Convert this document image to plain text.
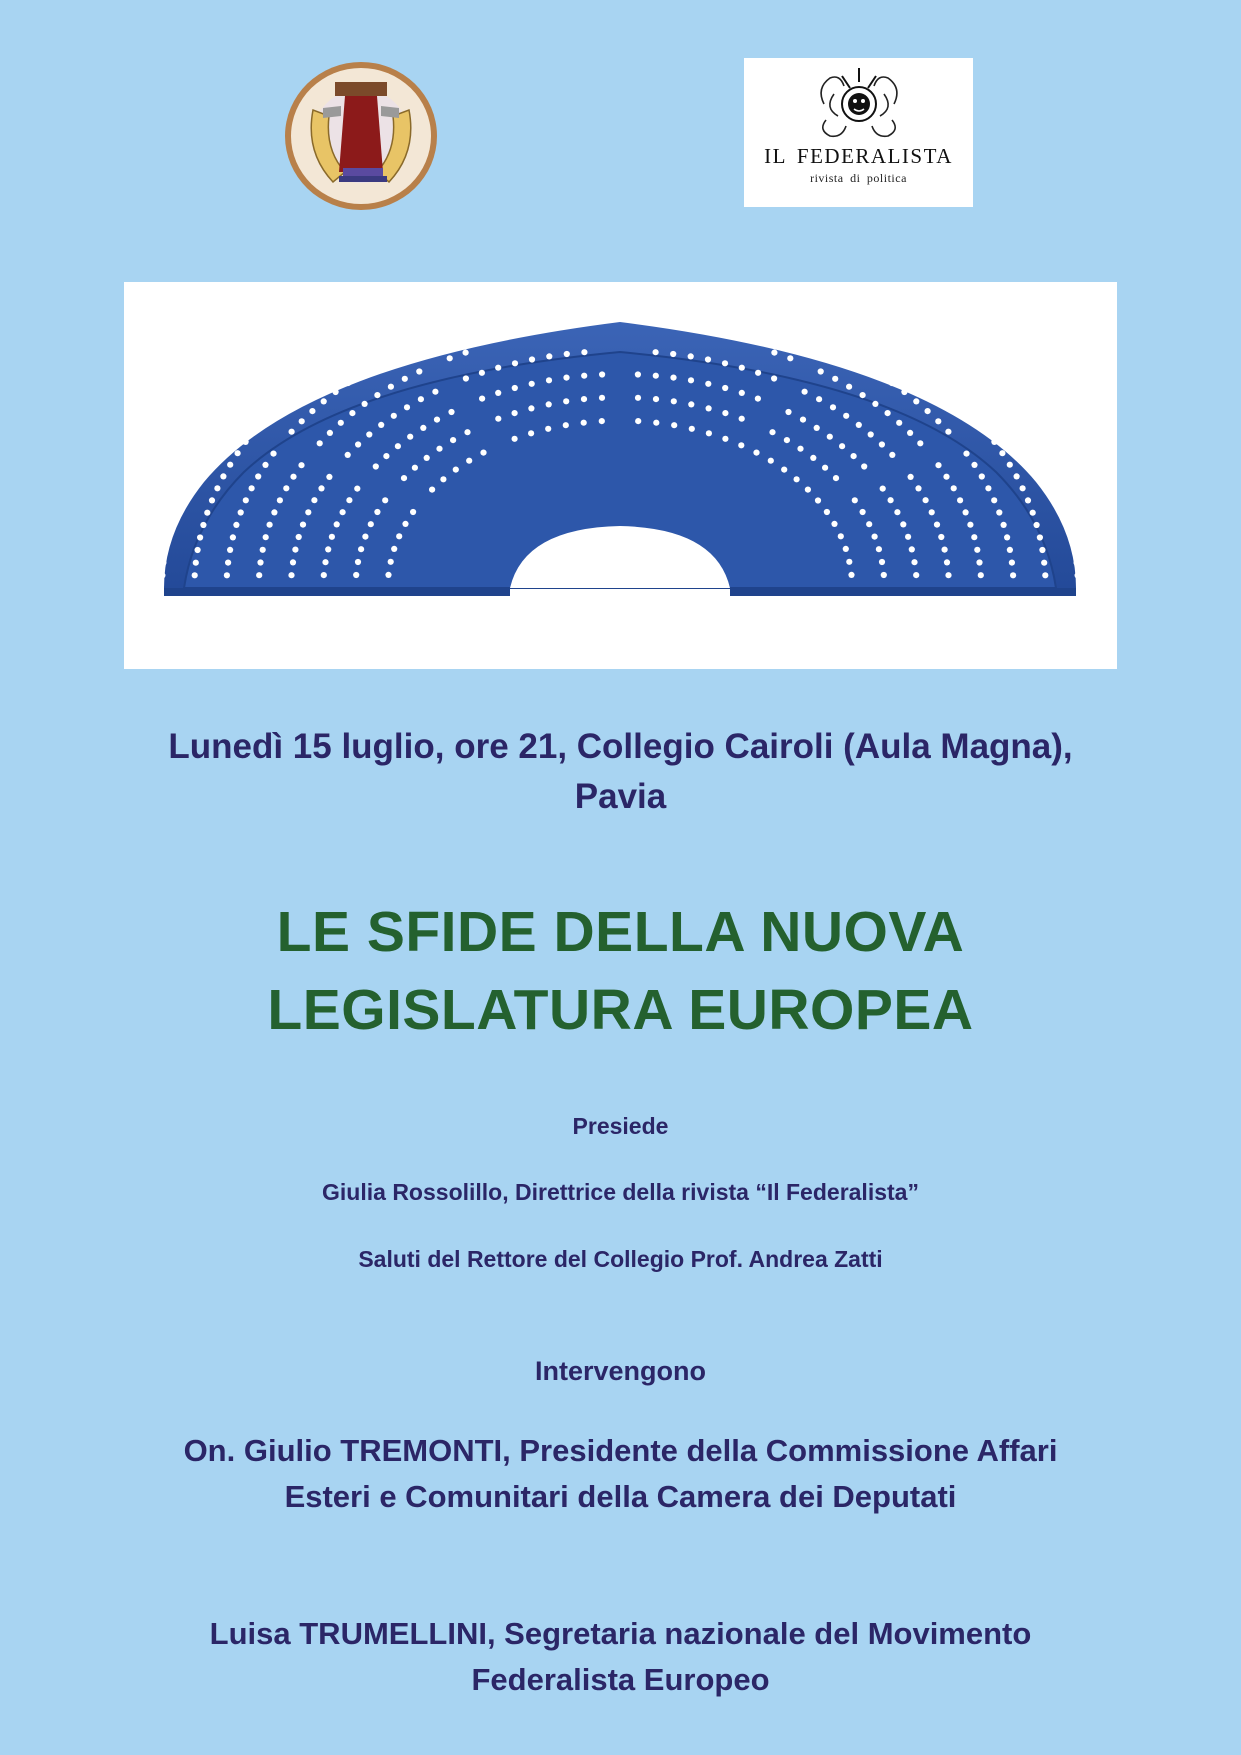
IL FEDERALISTA
rivista di politica
Lunedì 15 luglio, ore 21, Collegio Cairoli (Aula Magna),
Pavia
LE SFIDE DELLA NUOVA
LEGISLATURA EUROPEA
Presiede
Giulia Rossolillo, Direttrice della rivista “Il Federalista”
Saluti del Rettore del Collegio Prof. Andrea Zatti
Intervengono
On. Giulio TREMONTI, Presidente della Commissione Affari
Esteri e Comunitari della Camera dei Deputati
Luisa TRUMELLINI, Segretaria nazionale del Movimento
Federalista Europeo
